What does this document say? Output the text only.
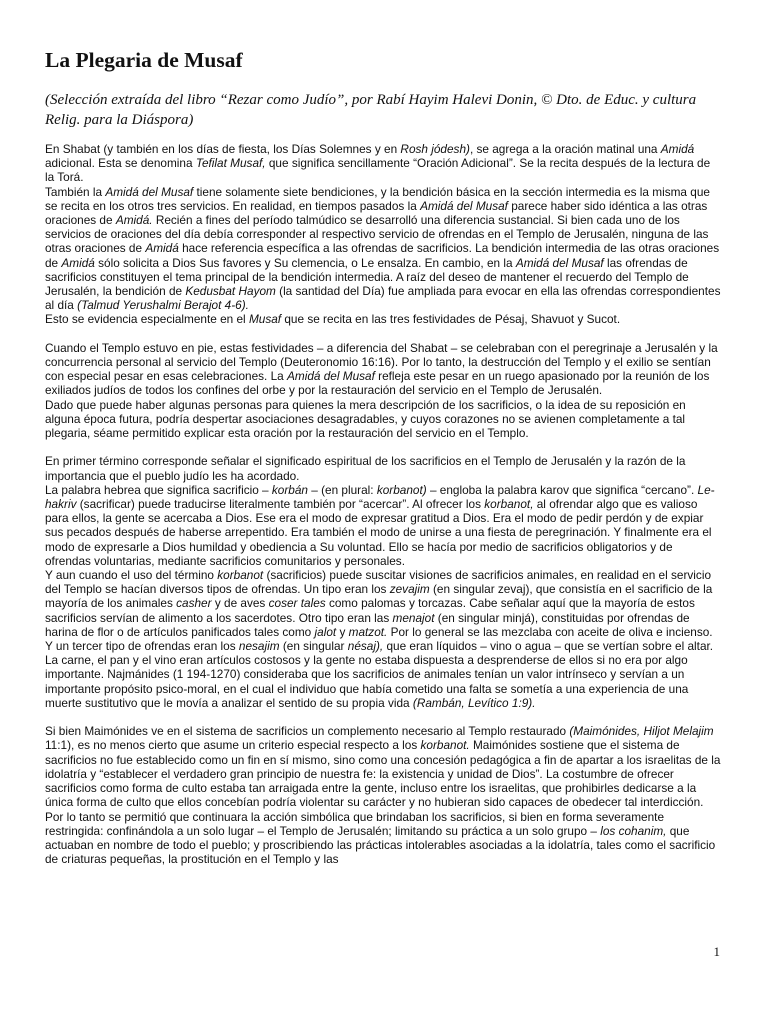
La Plegaria de Musaf

(Selección extraída del libro “Rezar como Judío”, por Rabí Hayim Halevi Donin, © Dto. de Educ. y cultura Relig. para la Diáspora)

En Shabat (y también en los días de fiesta, los Días Solemnes y en Rosh jódesh), se agrega a la oración matinal una Amidá adicional. Esta se denomina Tefilat Musaf, que significa sencillamente “Oración Adicional”. Se la recita después de la lectura de la Torá.

También la Amidá del Musaf tiene solamente siete bendiciones, y la bendición básica en la sección intermedia es la misma que se recita en los otros tres servicios. En realidad, en tiempos pasados la Amidá del Musaf parece haber sido idéntica a las otras oraciones de Amidá. Recién a fines del período talmúdico se desarrolló una diferencia sustancial. Si bien cada uno de los servicios de oraciones del día debía corresponder al respectivo servicio de ofrendas en el Templo de Jerusalén, ninguna de las otras oraciones de Amidá hace referencia específica a las ofrendas de sacrificios. La bendición intermedia de las otras oraciones de Amidá sólo solicita a Dios Sus favores y Su clemencia, o Le ensalza. En cambio, en la Amidá del Musaf las ofrendas de sacrificios constituyen el tema principal de la bendición intermedia. A raíz del deseo de mantener el recuerdo del Templo de Jerusalén, la bendición de Kedusbat Hayom (la santidad del Día) fue ampliada para evocar en ella las ofrendas correspondientes al día (Talmud Yerushalmi Berajot 4-6).

Esto se evidencia especialmente en el Musaf que se recita en las tres festividades de Pésaj, Shavuot y Sucot.

Cuando el Templo estuvo en pie, estas festividades – a diferencia del Shabat – se celebraban con el peregrinaje a Jerusalén y la concurrencia personal al servicio del Templo (Deuteronomio 16:16). Por lo tanto, la destrucción del Templo y el exilio se sentían con especial pesar en esas celebraciones. La Amidá del Musaf refleja este pesar en un ruego apasionado por la reunión de los exiliados judíos de todos los confines del orbe y por la restauración del servicio en el Templo de Jerusalén.

Dado que puede haber algunas personas para quienes la mera descripción de los sacrificios, o la idea de su reposición en alguna época futura, podría despertar asociaciones desagradables, y cuyos corazones no se avienen completamente a tal plegaria, séame permitido explicar esta oración por la restauración del servicio en el Templo.

En primer término corresponde señalar el significado espiritual de los sacrificios en el Templo de Jerusalén y la razón de la importancia que el pueblo judío les ha acordado.

La palabra hebrea que significa sacrificio – korbán – (en plural: korbanot) – engloba la palabra karov que significa “cercano”. Le-hakriv (sacrificar) puede traducirse literalmente también por “acercar”. Al ofrecer los korbanot, al ofrendar algo que es valioso para ellos, la gente se acercaba a Dios. Ese era el modo de expresar gratitud a Dios. Era el modo de pedir perdón y de expiar sus pecados después de haberse arrepentido. Era también el modo de unirse a una fiesta de peregrinación. Y finalmente era el modo de expresarle a Dios humildad y obediencia a Su voluntad. Ello se hacía por medio de sacrificios obligatorios y de ofrendas voluntarias, mediante sacrificios comunitarios y personales.

Y aun cuando el uso del término korbanot (sacrificios) puede suscitar visiones de sacrificios animales, en realidad en el servicio del Templo se hacían diversos tipos de ofrendas. Un tipo eran los zevajim (en singular zevaj), que consistía en el sacrificio de la mayoría de los animales casher y de aves coser tales como palomas y torcazas. Cabe señalar aquí que la mayoría de estos sacrificios servían de alimento a los sacerdotes. Otro tipo eran las menajot (en singular minjá), constituidas por ofrendas de harina de flor o de artículos panificados tales como jalot y matzot. Por lo general se las mezclaba con aceite de oliva e incienso. Y un tercer tipo de ofrendas eran los nesajim (en singular nésaj), que eran líquidos – vino o agua – que se vertían sobre el altar.

La carne, el pan y el vino eran artículos costosos y la gente no estaba dispuesta a desprenderse de ellos si no era por algo importante. Najmánides (1 194-1270) consideraba que los sacrificios de animales tenían un valor intrínseco y servían a un importante propósito psico-moral, en el cual el individuo que había cometido una falta se sometía a una experiencia de una muerte sustitutivo que le movía a analizar el sentido de su propia vida (Rambán, Levítico 1:9).

Si bien Maimónides ve en el sistema de sacrificios un complemento necesario al Templo restaurado (Maimónides, Hiljot Melajim 11:1), es no menos cierto que asume un criterio especial respecto a los korbanot. Maimónides sostiene que el sistema de sacrificios no fue establecido como un fin en sí mismo, sino como una concesión pedagógica a fin de apartar a los israelitas de la idolatría y “establecer el verdadero gran principio de nuestra fe: la existencia y unidad de Dios”. La costumbre de ofrecer sacrificios como forma de culto estaba tan arraigada entre la gente, incluso entre los israelitas, que prohibirles dedicarse a la única forma de culto que ellos concebían podría violentar su carácter y no hubieran sido capaces de obedecer tal interdicción. Por lo tanto se permitió que continuara la acción simbólica que brindaban los sacrificios, si bien en forma severamente restringida: confinándola a un solo lugar – el Templo de Jerusalén; limitando su práctica a un solo grupo – los cohanim, que actuaban en nombre de todo el pueblo; y proscribiendo las prácticas intolerables asociadas a la idolatría, tales como el sacrificio de criaturas pequeñas, la prostitución en el Templo y las

1
